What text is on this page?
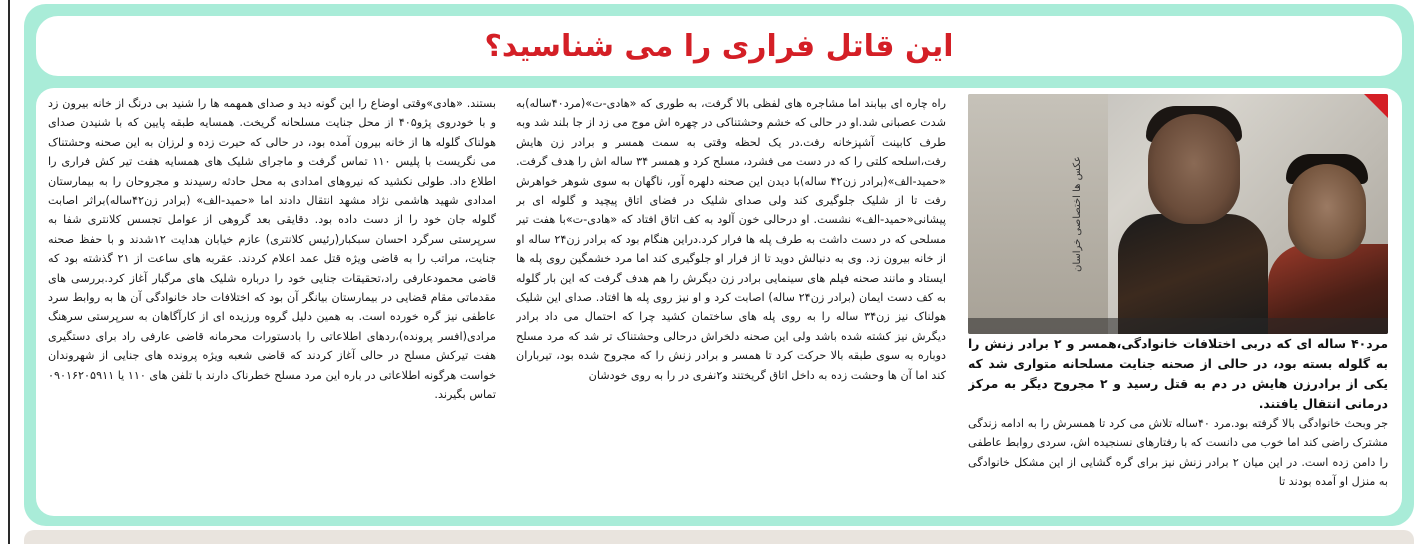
این قاتل فراری را می شناسید؟
عکس ها اختصاصی خراسان

مرد۴۰ ساله ای که دربی اختلافات خانوادگی،همسر و ۲ برادر زنش را به گلوله بسته بود، در حالی از صحنه جنایت مسلحانه متواری شد که یکی از برادرزن هایش در دم به قتل رسید و ۲ مجروح دیگر به مرکز درمانی انتقال یافتند.

جر وبحث خانوادگی بالا گرفته بود.مرد ۴۰ساله تلاش می کرد تا همسرش را به ادامه زندگی مشترک راضی کند اما خوب می دانست که با رفتارهای نسنجیده اش، سردی روابط عاطفی را دامن زده است. در این میان ۲ برادر زنش نیز برای گره گشایی از این مشکل خانوادگی به منزل او آمده بودند تا

راه چاره ای بیابند اما مشاجره های لفظی بالا گرفت، به طوری که «هادی-ت»(مرد۴۰ساله)به شدت عصبانی شد.او در حالی که خشم وحشتناکی در چهره اش موج می زد از جا بلند شد وبه طرف کابینت آشپزخانه رفت.در یک لحظه وقتی به سمت همسر و برادر زن هایش رفت،اسلحه کلتی را که در دست می فشرد، مسلح کرد و همسر ۳۴ ساله اش را هدف گرفت. «حمید-الف»(برادر زن۴۲ ساله)با دیدن این صحنه دلهره آور، ناگهان به سوی شوهر خواهرش رفت تا از شلیک جلوگیری کند ولی صدای شلیک در فضای اتاق پیچید و گلوله ای بر پیشانی«حمید-الف» نشست. او درحالی خون آلود به کف اتاق افتاد که «هادی-ت»با هفت تیر مسلحی که در دست داشت به طرف پله ها فرار کرد.دراین هنگام بود که برادر زن۲۴ ساله او از خانه بیرون زد. وی به دنبالش دوید تا از فرار او جلوگیری کند اما مرد خشمگین روی پله ها ایستاد و مانند صحنه فیلم های سینمایی برادر زن دیگرش را هم هدف گرفت که این بار گلوله به کف دست ایمان (برادر زن۲۴ ساله) اصابت کرد و او نیز روی پله ها افتاد. صدای این شلیک هولناک نیز زن۳۴ ساله را به روی پله های ساختمان کشید چرا که احتمال می داد برادر دیگرش نیز کشته شده باشد ولی این صحنه دلخراش درحالی وحشتناک تر شد که مرد مسلح دوباره به سوی طبقه بالا حرکت کرد تا همسر و برادر زنش را که مجروح شده بود، تیرباران کند اما آن ها وحشت زده به داخل اتاق گریختند و۲نفری در را به روی خودشان

بستند. «هادی»وقتی اوضاع را این گونه دید و صدای همهمه ها را شنید بی درنگ از خانه بیرون زد و با خودروی پژو۴۰۵ از محل جنایت مسلحانه گریخت. همسایه طبقه پایین که با شنیدن صدای هولناک گلوله ها از خانه بیرون آمده بود، در حالی که حیرت زده و لرزان به این صحنه وحشتناک می نگریست با پلیس ۱۱۰ تماس گرفت و ماجرای شلیک های همسایه هفت تیر کش فراری را اطلاع داد. طولی نکشید که نیروهای امدادی به محل حادثه رسیدند و مجروحان را به بیمارستان امدادی شهید هاشمی نژاد مشهد انتقال دادند اما «حمید-الف» (برادر زن۴۲ساله)براثر اصابت گلوله جان خود را از دست داده بود. دقایقی بعد گروهی از عوامل تجسس کلانتری شفا به سرپرستی سرگرد احسان سبکبار(رئیس کلانتری) عازم خیابان هدایت ۱۲شدند و با حفظ صحنه جنایت، مراتب را به قاضی ویژه قتل عمد اعلام کردند. عقربه های ساعت از ۲۱ گذشته بود که قاضی محمودعارفی راد،تحقیقات جنایی خود را درباره شلیک های مرگبار آغاز کرد.بررسی های مقدماتی مقام قضایی در بیمارستان بیانگر آن بود که اختلافات حاد خانوادگی آن ها به روابط سرد عاطفی نیز گره خورده است. به همین دلیل گروه ورزیده ای از کارآگاهان به سرپرستی سرهنگ مرادی(افسر پرونده)،ردهای اطلاعاتی را بادستورات محرمانه قاضی عارفی راد برای دستگیری هفت تیرکش مسلح در حالی آغاز کردند که قاضی شعبه ویژه پرونده های جنایی از شهروندان خواست هرگونه اطلاعاتی در باره این مرد مسلح خطرناک دارند با تلفن های ۱۱۰ یا ۰۹۰۱۶۲۰۵۹۱۱ تماس بگیرند.
